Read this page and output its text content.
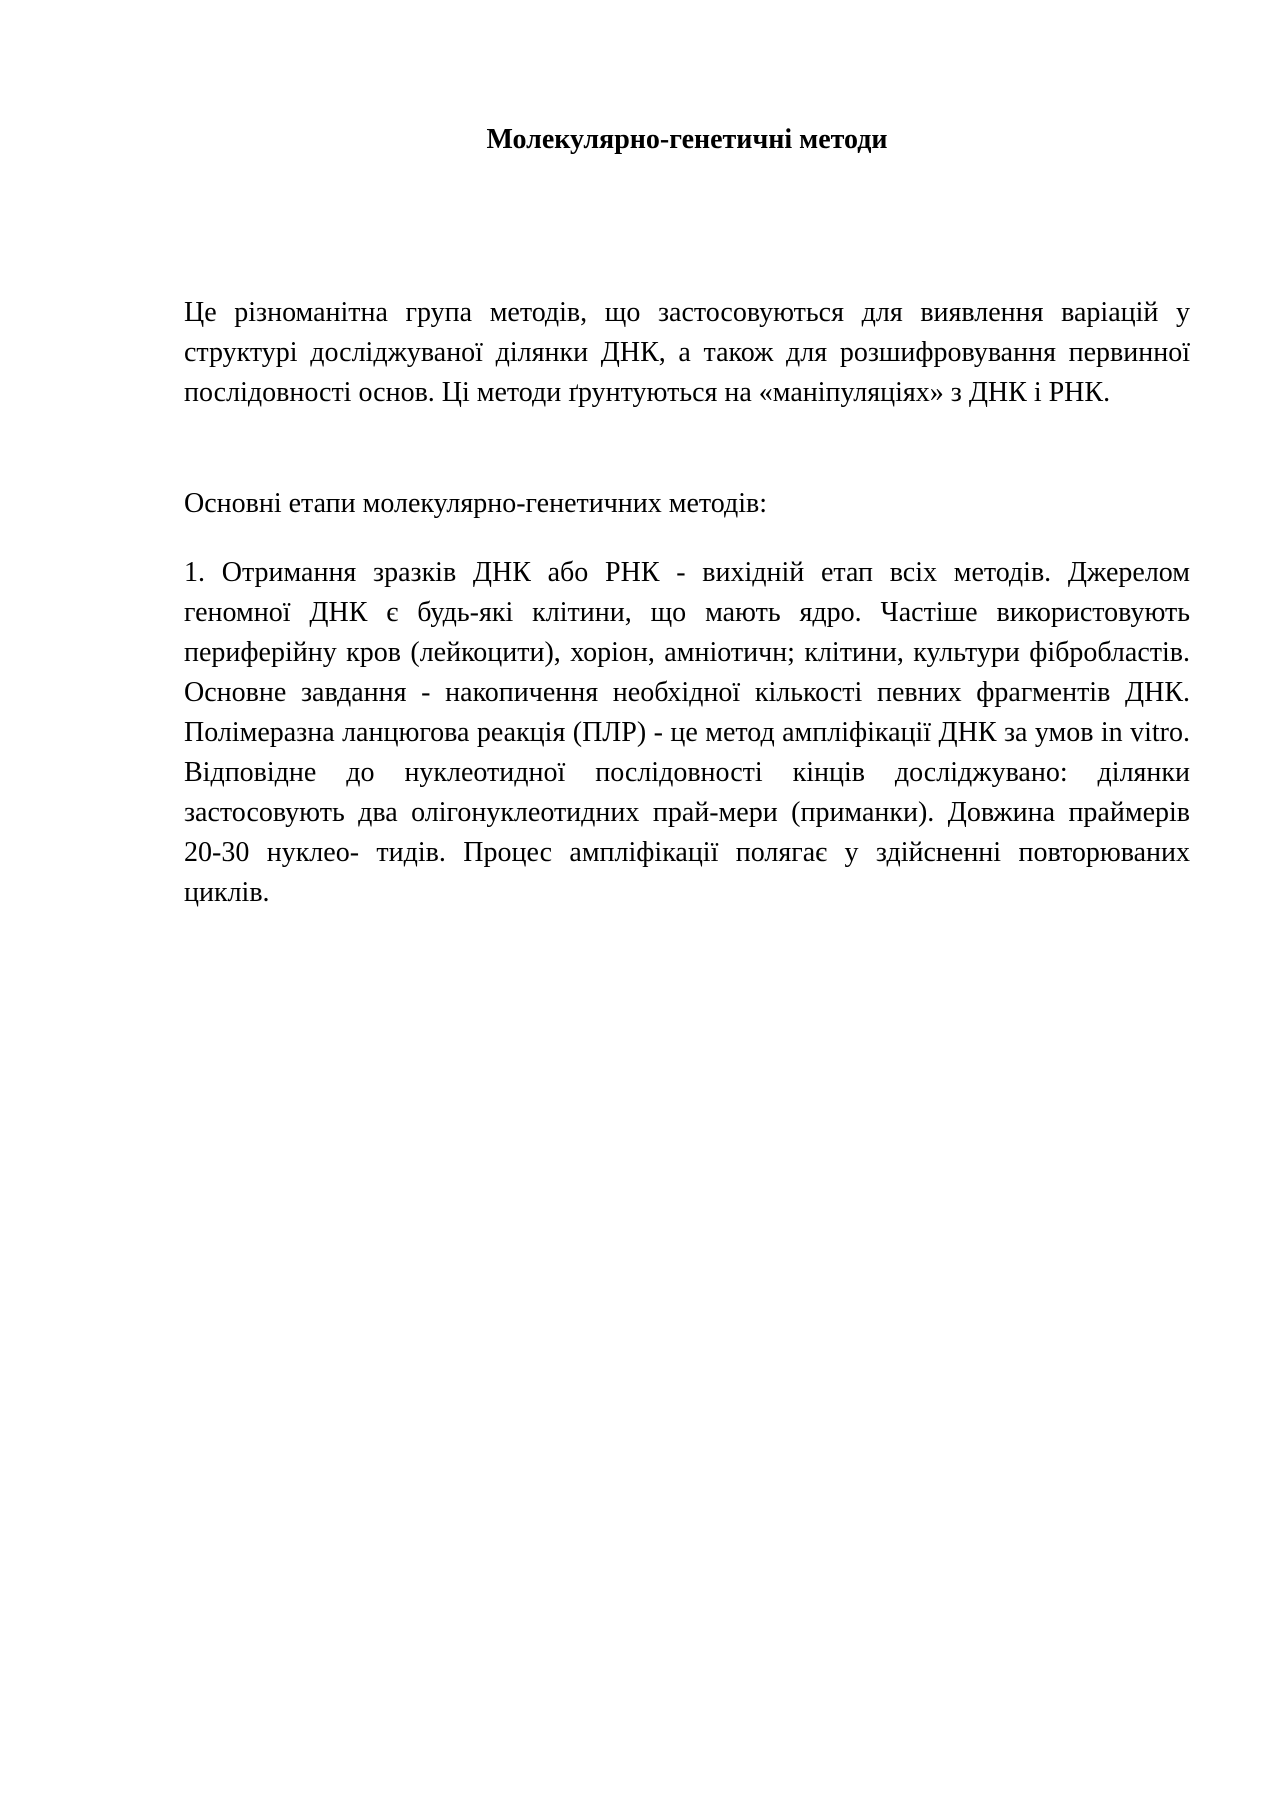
Молекулярно-генетичні методи

Це різноманітна група методів, що застосовуються для виявлення варіацій у структурі досліджуваної ділянки ДНК, а також для розшифровування первинної послідовності основ. Ці методи ґрунтуються на «маніпуляціях» з ДНК і РНК.

Основні етапи молекулярно-генетичних методів:

1. Отримання зразків ДНК або РНК - вихідній етап всіх методів. Джерелом геномної ДНК є будь-які клітини, що мають ядро. Частіше використовують периферійну кров (лейкоцити), хоріон, амніотичн; клітини, культури фібробластів. Основне завдання - накопичення необхідної кількості певних фрагментів ДНК. Полімеразна ланцюгова реакція (ПЛР) - це метод ампліфікації ДНК за умов in vitro. Відповідне до нуклеотидної послідовності кінців досліджувано: ділянки застосовують два олігонуклеотидних прай-мери (приманки). Довжина праймерів 20-30 нуклео- тидів. Процес ампліфікації полягає у здійсненні повторюваних циклів.
